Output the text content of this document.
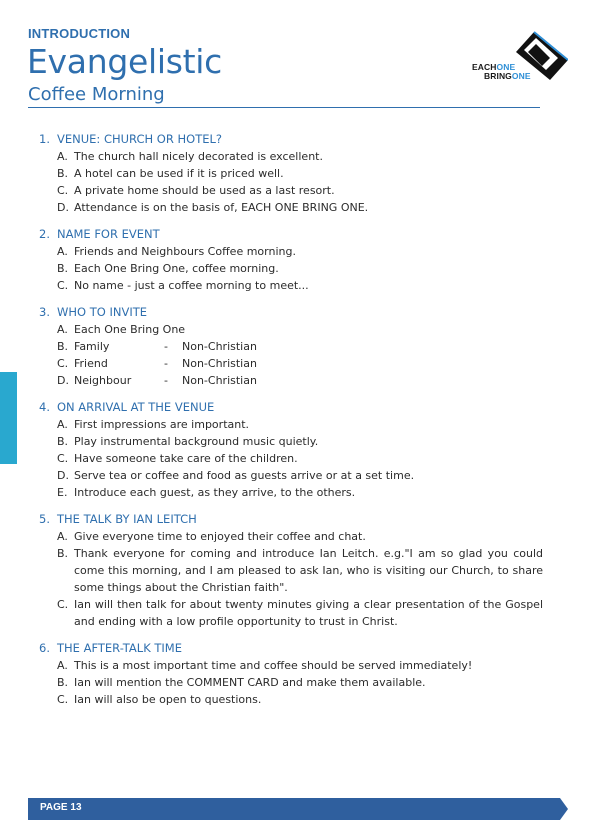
INTRODUCTION
Evangelistic
Coffee Morning
EACHONE
BRINGONE
1. VENUE: CHURCH OR HOTEL?
A. The church hall nicely decorated is excellent.
B. A hotel can be used if it is priced well.
C. A private home should be used as a last resort.
D. Attendance is on the basis of, EACH ONE BRING ONE.
2. NAME FOR EVENT
A. Friends and Neighbours Coffee morning.
B. Each One Bring One, coffee morning.
C. No name - just a coffee morning to meet...
3. WHO TO INVITE
A. Each One Bring One
B. Family	-	Non-Christian
C. Friend	-	Non-Christian
D. Neighbour	-	Non-Christian
4. ON ARRIVAL AT THE VENUE
A. First impressions are important.
B. Play instrumental background music quietly.
C. Have someone take care of the children.
D. Serve tea or coffee and food as guests arrive or at a set time.
E. Introduce each guest, as they arrive, to the others.
5. THE TALK BY IAN LEITCH
A. Give everyone time to enjoyed their coffee and chat.
B. Thank everyone for coming and introduce Ian Leitch. e.g."I am so glad you could come this morning, and I am pleased to ask Ian, who is visiting our Church, to share some things about the Christian faith".
C. Ian will then talk for about twenty minutes giving a clear presentation of the Gospel and ending with a low profile opportunity to trust in Christ.
6. THE AFTER-TALK TIME
A. This is a most important time and coffee should be served immediately!
B. Ian will mention the COMMENT CARD and make them available.
C. Ian will also be open to questions.
PAGE 13
